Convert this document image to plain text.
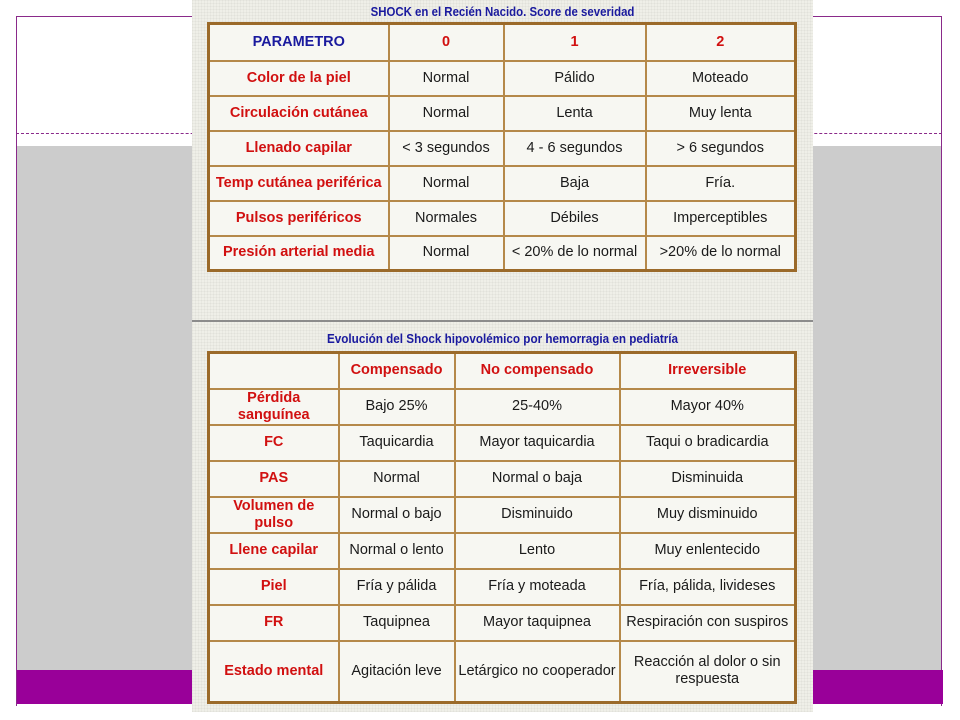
SHOCK en el Recién Nacido. Score de severidad
PARAMETRO	0	1	2
Color de la piel	Normal	Pálido	Moteado
Circulación cutánea	Normal	Lenta	Muy lenta
Llenado capilar	< 3 segundos	4 - 6 segundos	> 6 segundos
Temp cutánea periférica	Normal	Baja	Fría.
Pulsos periféricos	Normales	Débiles	Imperceptibles
Presión arterial media	Normal	< 20% de lo normal	>20% de lo normal
Evolución del Shock hipovolémico por hemorragia en pediatría
	Compensado	No compensado	Irreversible
Pérdida sanguínea	Bajo 25%	25-40%	Mayor 40%
FC	Taquicardia	Mayor taquicardia	Taqui o bradicardia
PAS	Normal	Normal o baja	Disminuida
Volumen de pulso	Normal o bajo	Disminuido	Muy disminuido
Llene capilar	Normal o lento	Lento	Muy enlentecido
Piel	Fría y pálida	Fría y moteada	Fría, pálida, livideses
FR	Taquipnea	Mayor taquipnea	Respiración con suspiros
Estado mental	Agitación leve	Letárgico no cooperador	Reacción al dolor o sin respuesta
